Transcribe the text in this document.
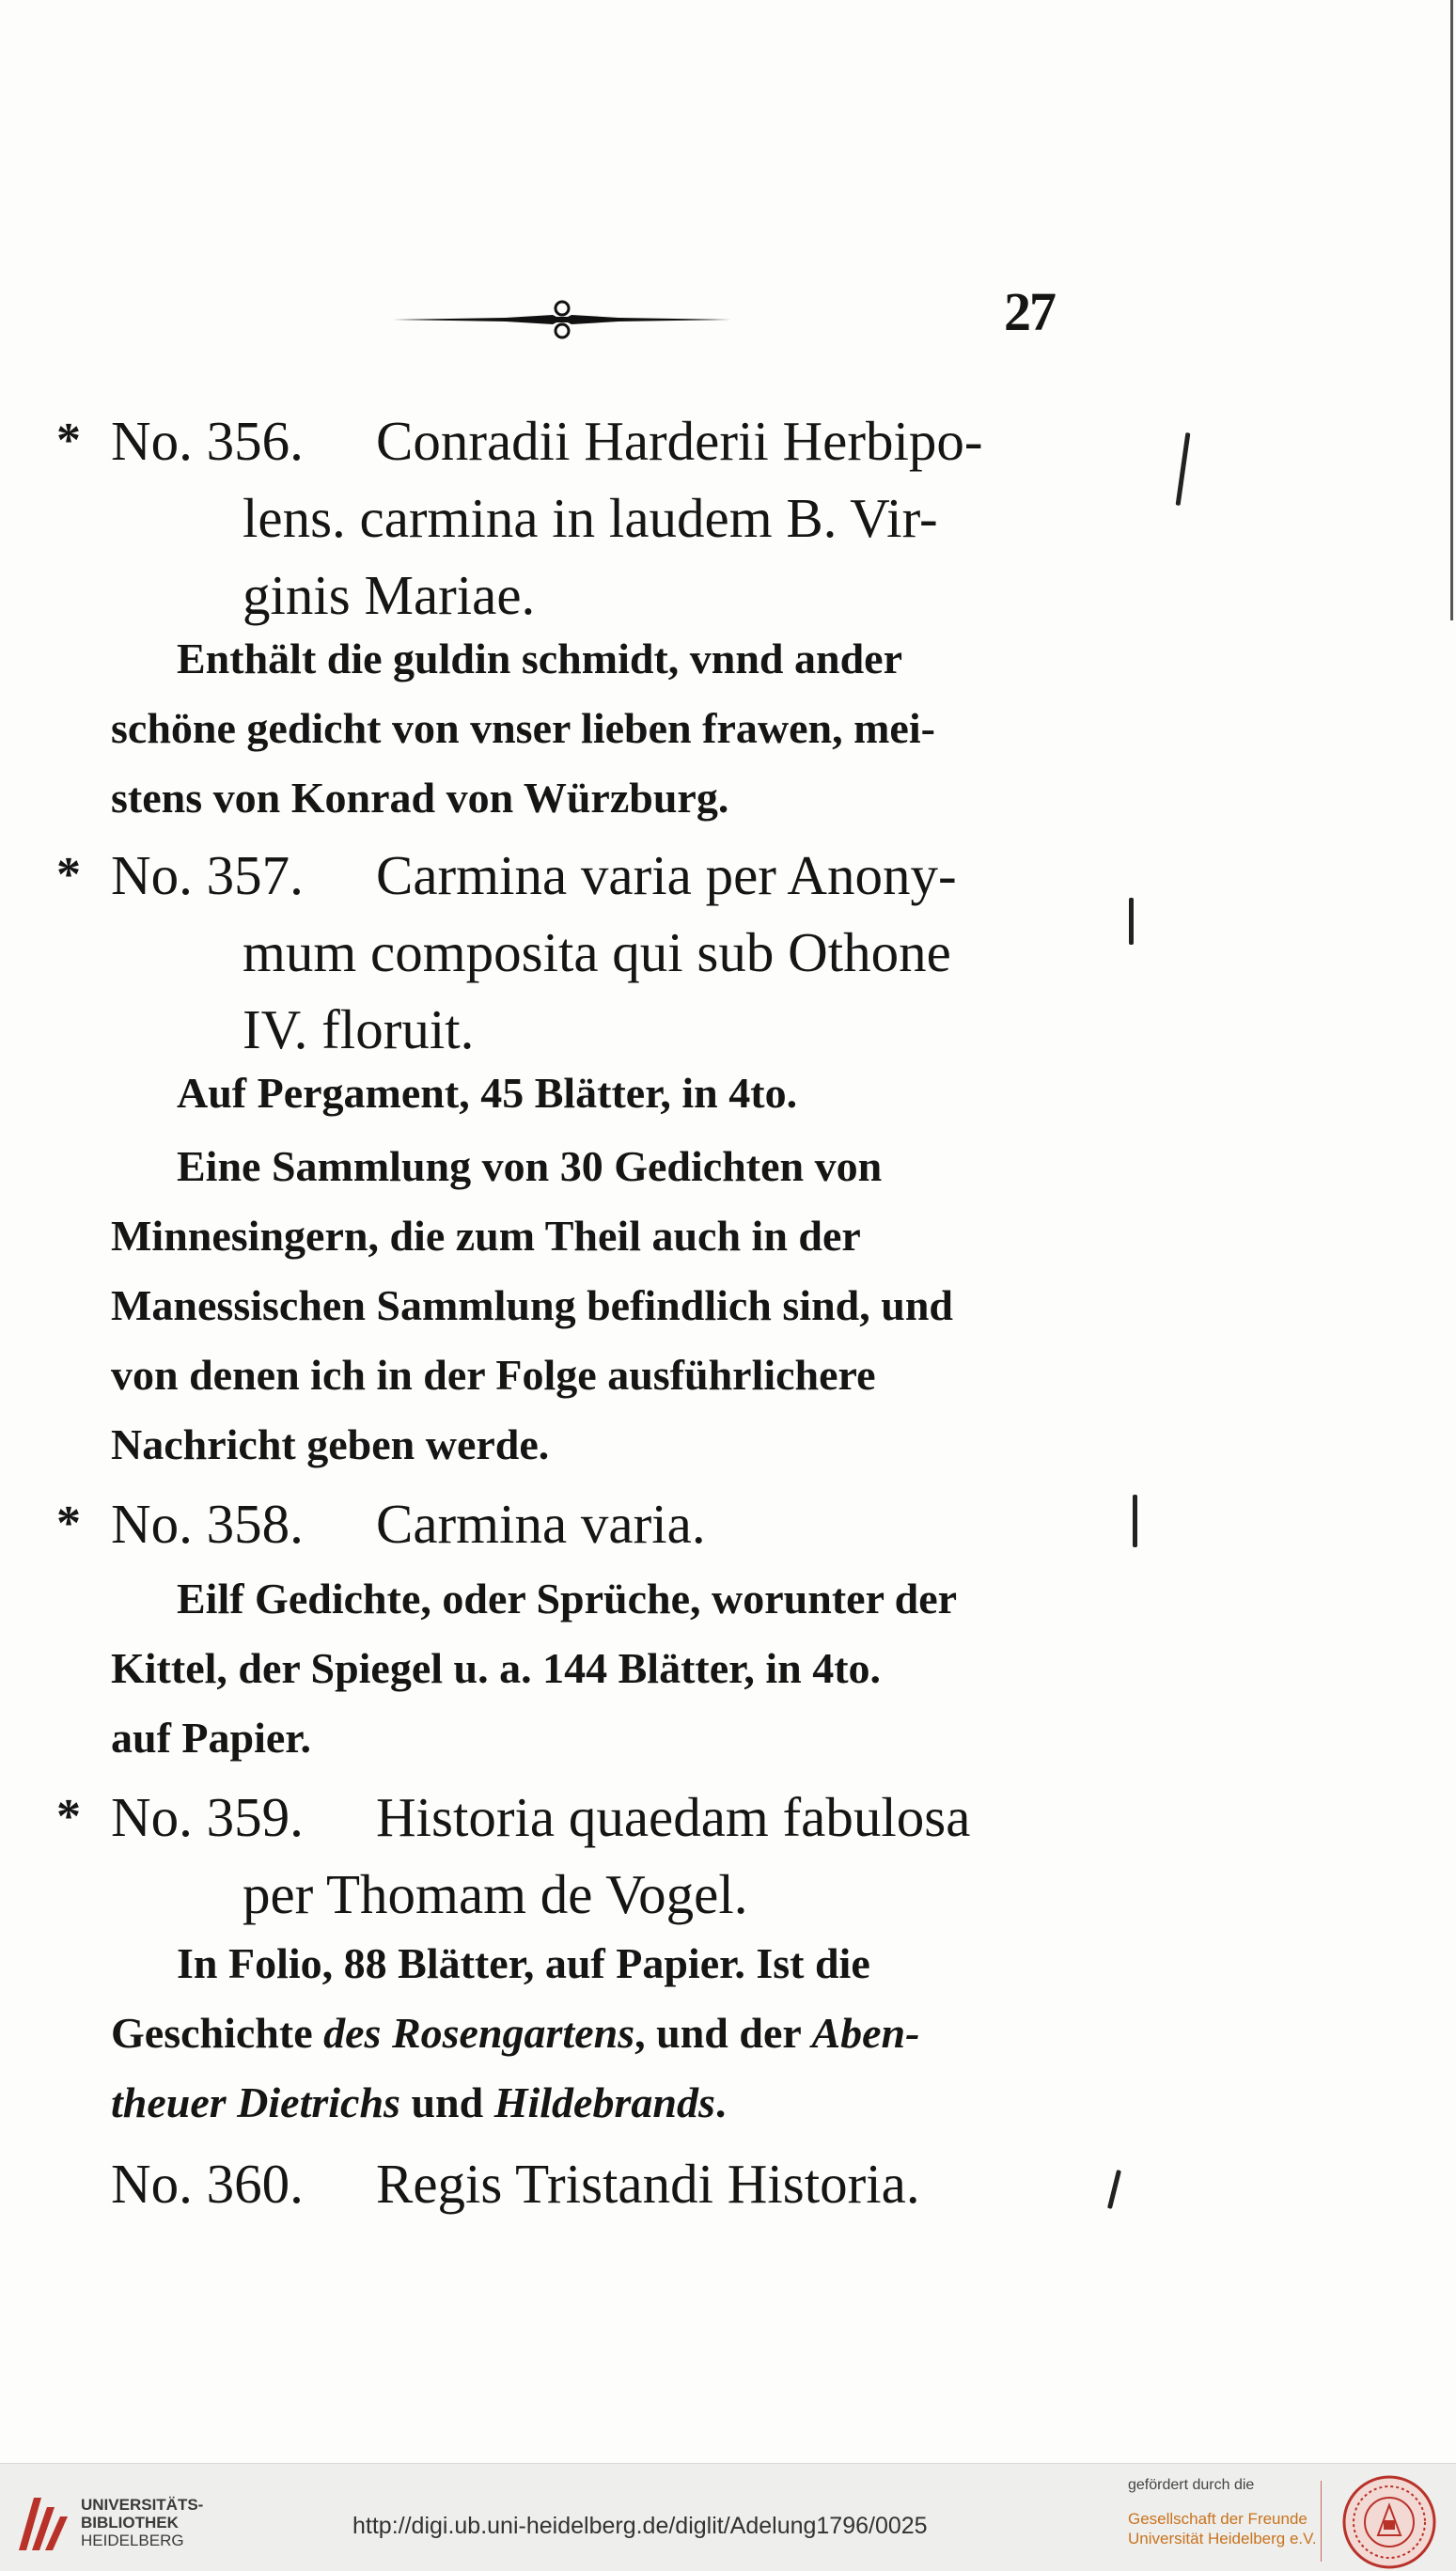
27
* No. 356. Conradii Harderii Herbipo-
lens. carmina in laudem B. Vir-
ginis Mariae.
Enthält die guldin schmidt, vnnd ander
schöne gedicht von vnser lieben frawen, mei-
stens von Konrad von Würzburg.
* No. 357. Carmina varia per Anony-
mum composita qui sub Othone
IV. floruit.
Auf Pergament, 45 Blätter, in 4to.
Eine Sammlung von 30 Gedichten von
Minnesingern, die zum Theil auch in der
Manessischen Sammlung befindlich sind, und
von denen ich in der Folge ausführlichere
Nachricht geben werde.
* No. 358. Carmina varia.
Eilf Gedichte, oder Sprüche, worunter der
Kittel, der Spiegel u. a. 144 Blätter, in 4to.
auf Papier.
* No. 359. Historia quaedam fabulosa
per Thomam de Vogel.
In Folio, 88 Blätter, auf Papier. Ist die
Geschichte des Rosengartens, und der Aben-
theuer Dietrichs und Hildebrands.
No. 360. Regis Tristandi Historia.
UNIVERSITÄTS-
BIBLIOTHEK
HEIDELBERG
http://digi.ub.uni-heidelberg.de/diglit/Adelung1796/0025
gefördert durch die
Gesellschaft der Freunde
Universität Heidelberg e.V.
